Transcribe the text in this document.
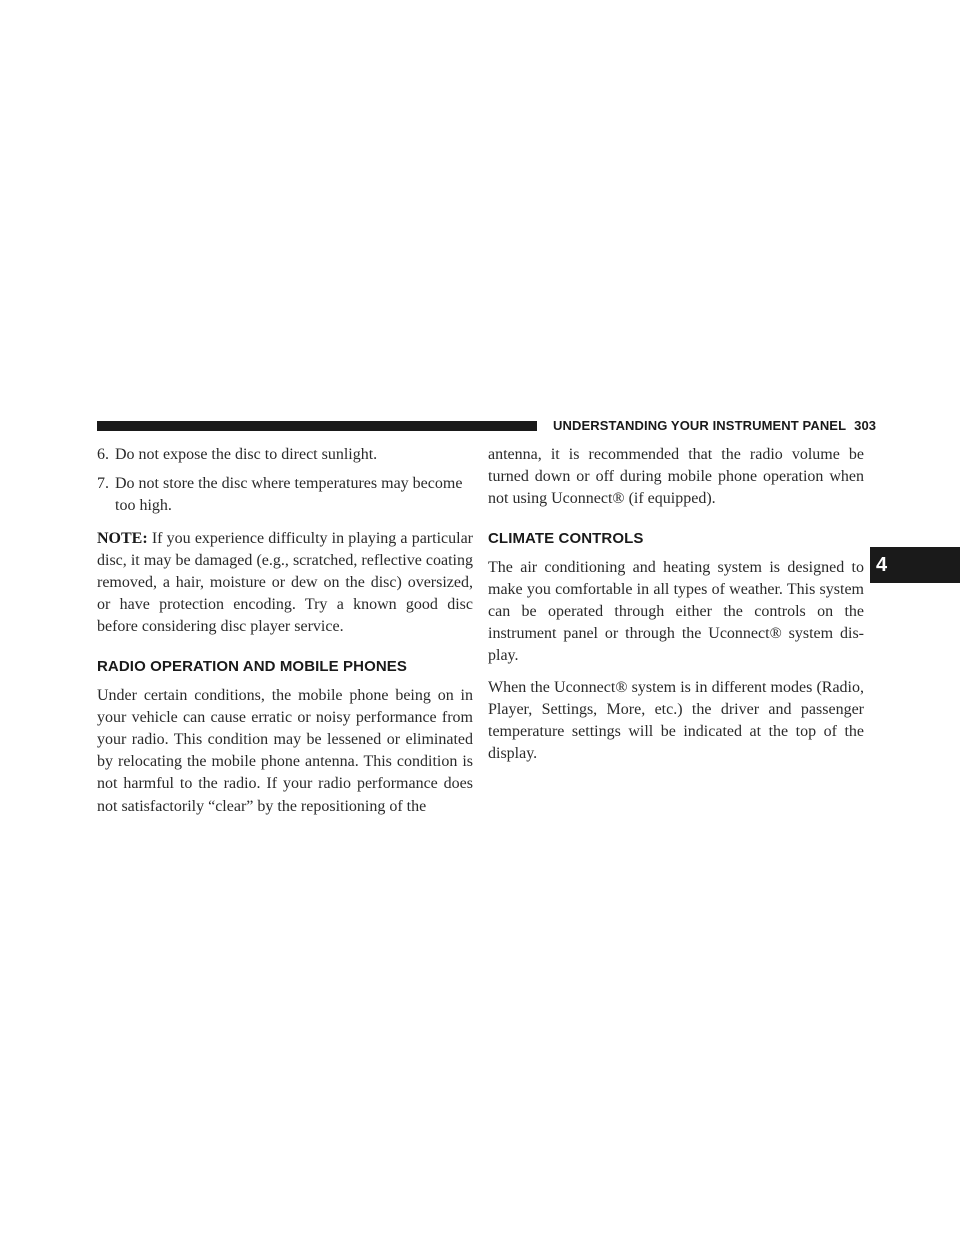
UNDERSTANDING YOUR INSTRUMENT PANEL 303
4
6. Do not expose the disc to direct sunlight.
7. Do not store the disc where temperatures may become too high.

NOTE: If you experience difficulty in playing a particular disc, it may be damaged (e.g., scratched, reflective coating removed, a hair, moisture or dew on the disc) oversized, or have protection encoding. Try a known good disc before considering disc player service.

RADIO OPERATION AND MOBILE PHONES

Under certain conditions, the mobile phone being on in your vehicle can cause erratic or noisy performance from your radio. This condition may be lessened or eliminated by relocating the mobile phone antenna. This condition is not harmful to the radio. If your radio performance does not satisfactorily “clear” by the repositioning of the

antenna, it is recommended that the radio volume be turned down or off during mobile phone operation when not using Uconnect® (if equipped).

CLIMATE CONTROLS

The air conditioning and heating system is designed to make you comfortable in all types of weather. This system can be operated through either the controls on the instrument panel or through the Uconnect® system display.

When the Uconnect® system is in different modes (Radio, Player, Settings, More, etc.) the driver and passenger temperature settings will be indicated at the top of the display.
